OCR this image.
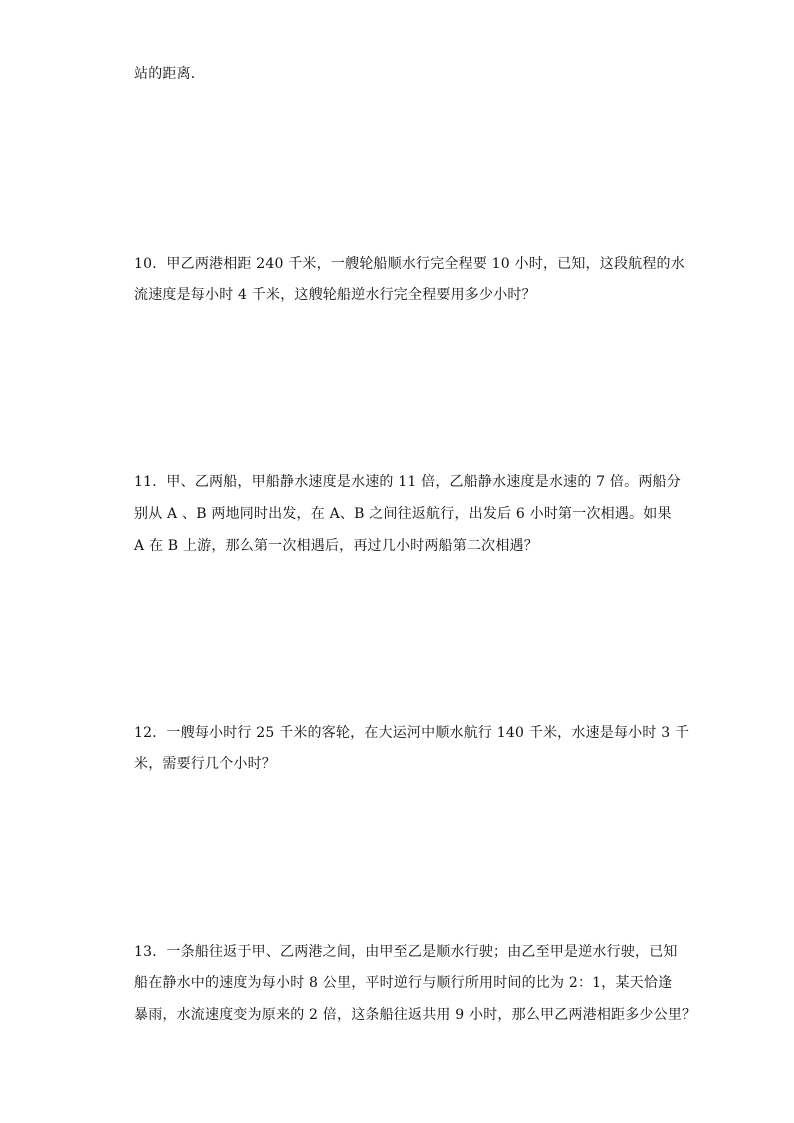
站的距离．
10．甲乙两港相距 240 千米，一艘轮船顺水行完全程要 10 小时，已知，这段航程的水
流速度是每小时 4 千米，这艘轮船逆水行完全程要用多少小时？
11．甲、乙两船，甲船静水速度是水速的 11 倍，乙船静水速度是水速的 7 倍。两船分
别从 A 、B 两地同时出发，在 A、B 之间往返航行，出发后 6 小时第一次相遇。如果
A 在 B 上游，那么第一次相遇后，再过几小时两船第二次相遇？
12．一艘每小时行 25 千米的客轮，在大运河中顺水航行 140 千米，水速是每小时 3 千
米，需要行几个小时？
13．一条船往返于甲、乙两港之间，由甲至乙是顺水行驶；由乙至甲是逆水行驶，已知
船在静水中的速度为每小时 8 公里，平时逆行与顺行所用时间的比为 2：1，某天恰逢
暴雨，水流速度变为原来的 2 倍，这条船往返共用 9 小时，那么甲乙两港相距多少公里？
